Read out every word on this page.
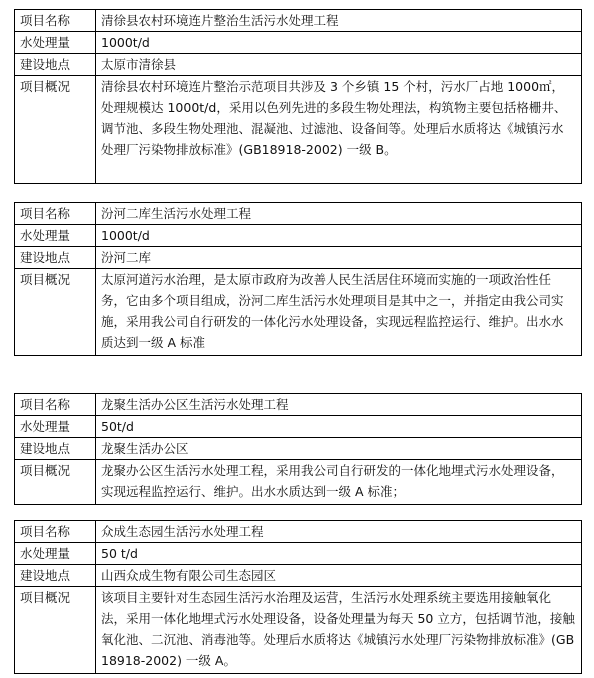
项目名称	清徐县农村环境连片整治生活污水处理工程
水处理量	1000t/d
建设地点	太原市清徐县
项目概况	清徐县农村环境连片整治示范项目共涉及 3 个乡镇 15 个村，污水厂占地 1000㎡，处理规模达 1000t/d，采用以色列先进的多段生物处理法，构筑物主要包括格栅井、调节池、多段生物处理池、混凝池、过滤池、设备间等。处理后水质将达《城镇污水处理厂污染物排放标准》(GB18918-2002) 一级 B。
项目名称	汾河二库生活污水处理工程
水处理量	1000t/d
建设地点	汾河二库
项目概况	太原河道污水治理，是太原市政府为改善人民生活居住环境而实施的一项政治性任务，它由多个项目组成，汾河二库生活污水处理项目是其中之一，并指定由我公司实施，采用我公司自行研发的一体化污水处理设备，实现远程监控运行、维护。出水水质达到一级 A 标准
项目名称	龙聚生活办公区生活污水处理工程
水处理量	50t/d
建设地点	龙聚生活办公区
项目概况	龙聚办公区生活污水处理工程，采用我公司自行研发的一体化地埋式污水处理设备，实现远程监控运行、维护。出水水质达到一级 A 标准；
项目名称	众成生态园生活污水处理工程
水处理量	50 t/d
建设地点	山西众成生物有限公司生态园区
项目概况	该项目主要针对生态园生活污水治理及运营，生活污水处理系统主要选用接触氧化法，采用一体化地埋式污水处理设备，设备处理量为每天 50 立方，包括调节池，接触氧化池、二沉池、消毒池等。处理后水质将达《城镇污水处理厂污染物排放标准》(GB18918-2002) 一级 A。
